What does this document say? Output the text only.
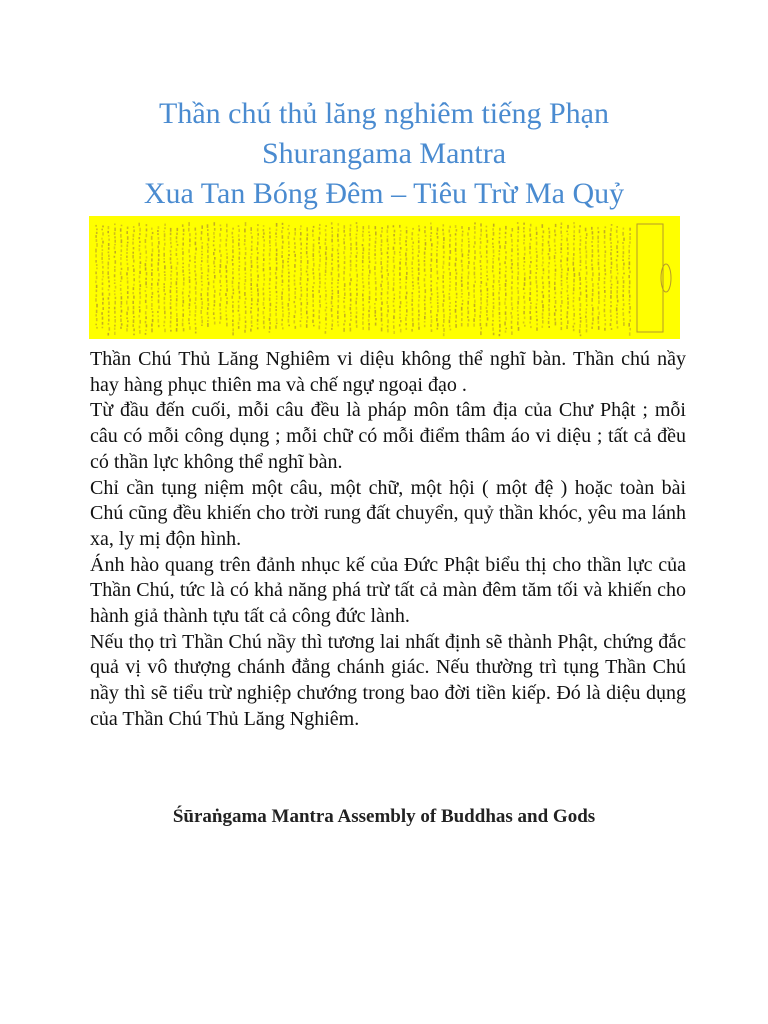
Thần chú thủ lăng nghiêm tiếng Phạn
Shurangama Mantra
Xua Tan Bóng Đêm – Tiêu Trừ Ma Quỷ

Thần Chú Thủ Lăng Nghiêm vi diệu không thể nghĩ bàn. Thần chú nầy hay hàng phục thiên ma và chế ngự ngoại đạo .

Từ đầu đến cuối, mỗi câu đều là pháp môn tâm địa của Chư Phật ; mỗi câu có mỗi công dụng ; mỗi chữ có mỗi điểm thâm áo vi diệu ; tất cả đều có thần lực không thể nghĩ bàn.

Chỉ cần tụng niệm một câu, một chữ, một hội ( một đệ ) hoặc toàn bài Chú cũng đều khiến cho trời rung đất chuyển, quỷ thần khóc, yêu ma lánh xa, ly mị độn hình.

Ánh hào quang trên đảnh nhục kế của Đức Phật biểu thị cho thần lực của Thần Chú, tức là có khả năng phá trừ tất cả màn đêm tăm tối và khiến cho hành giả thành tựu tất cả công đức lành.

Nếu thọ trì Thần Chú nầy thì tương lai nhất định sẽ thành Phật, chứng đắc quả vị vô thượng chánh đẳng chánh giác. Nếu thường trì tụng Thần Chú nầy thì sẽ tiểu trừ nghiệp chướng trong bao đời tiền kiếp. Đó là diệu dụng của Thần Chú Thủ Lăng Nghiêm.

Śūraṅgama Mantra Assembly of Buddhas and Gods
